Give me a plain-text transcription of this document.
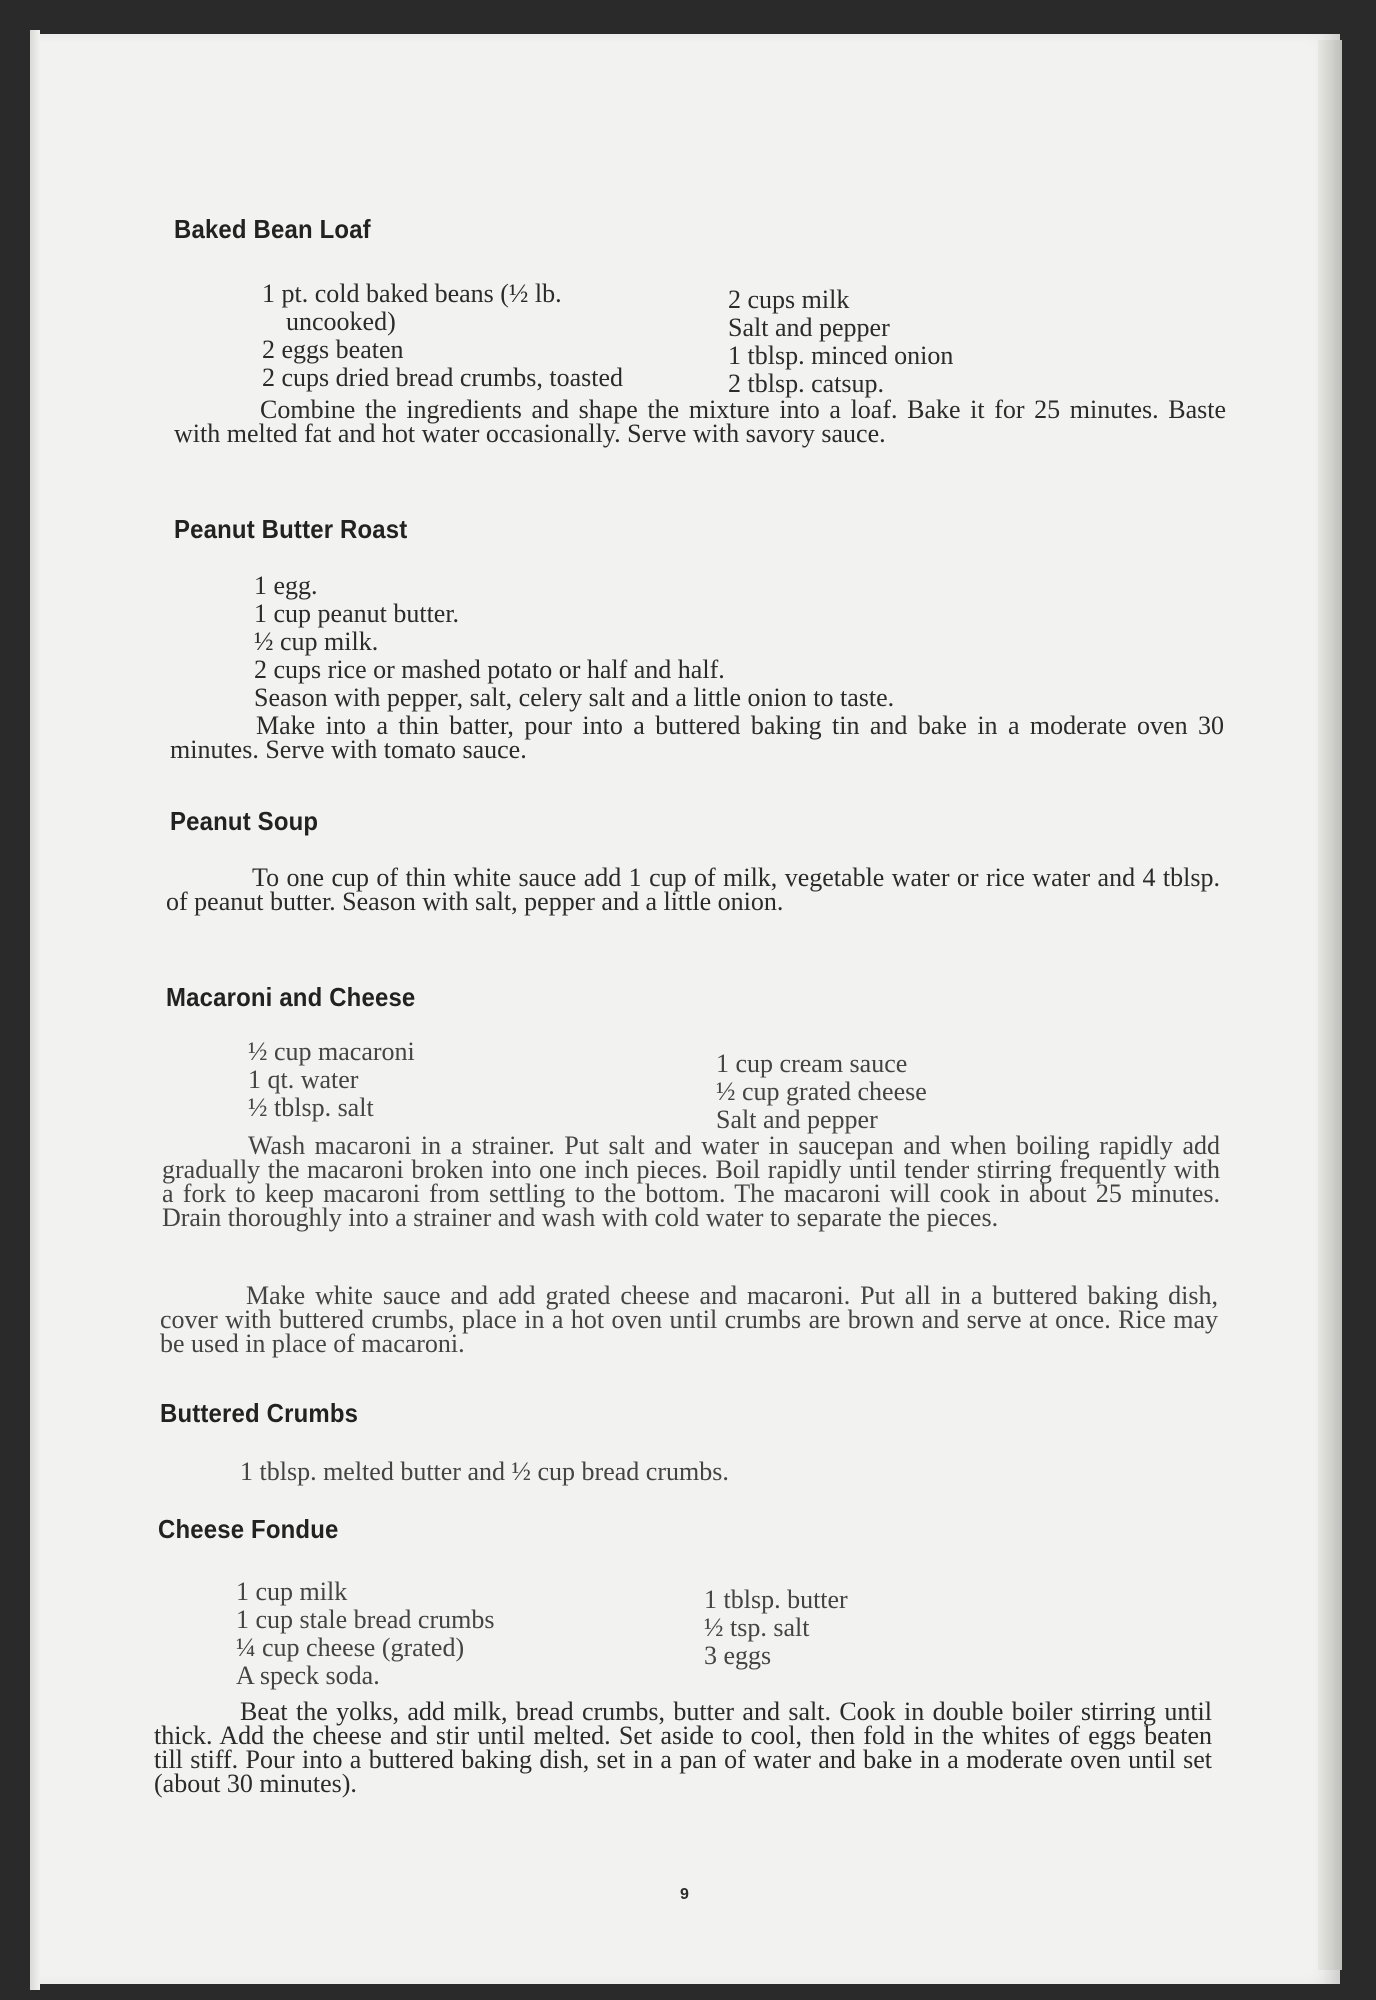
Baked Bean Loaf
1 pt. cold baked beans (½ lb.
uncooked)
2 eggs beaten
2 cups dried bread crumbs, toasted
2 cups milk
Salt and pepper
1 tblsp. minced onion
2 tblsp. catsup.
Combine the ingredients and shape the mixture into a loaf. Bake it for 25 minutes. Baste with melted fat and hot water occasionally. Serve with savory sauce.
Peanut Butter Roast
1 egg.
1 cup peanut butter.
½ cup milk.
2 cups rice or mashed potato or half and half.
Season with pepper, salt, celery salt and a little onion to taste.
Make into a thin batter, pour into a buttered baking tin and bake in a moderate oven 30 minutes. Serve with tomato sauce.
Peanut Soup
To one cup of thin white sauce add 1 cup of milk, vegetable water or rice water and 4 tblsp. of peanut butter. Season with salt, pepper and a little onion.
Macaroni and Cheese
½ cup macaroni
1 qt. water
½ tblsp. salt
1 cup cream sauce
½ cup grated cheese
Salt and pepper
Wash macaroni in a strainer. Put salt and water in saucepan and when boiling rapidly add gradually the macaroni broken into one inch pieces. Boil rapidly until tender stirring frequently with a fork to keep macaroni from settling to the bottom. The macaroni will cook in about 25 minutes. Drain thoroughly into a strainer and wash with cold water to separate the pieces.
Make white sauce and add grated cheese and macaroni. Put all in a buttered baking dish, cover with buttered crumbs, place in a hot oven until crumbs are brown and serve at once. Rice may be used in place of macaroni.
Buttered Crumbs
1 tblsp. melted butter and ½ cup bread crumbs.
Cheese Fondue
1 cup milk
1 cup stale bread crumbs
¼ cup cheese (grated)
A speck soda.
1 tblsp. butter
½ tsp. salt
3 eggs
Beat the yolks, add milk, bread crumbs, butter and salt. Cook in double boiler stirring until thick. Add the cheese and stir until melted. Set aside to cool, then fold in the whites of eggs beaten till stiff. Pour into a buttered baking dish, set in a pan of water and bake in a moderate oven until set (about 30 minutes).
9
